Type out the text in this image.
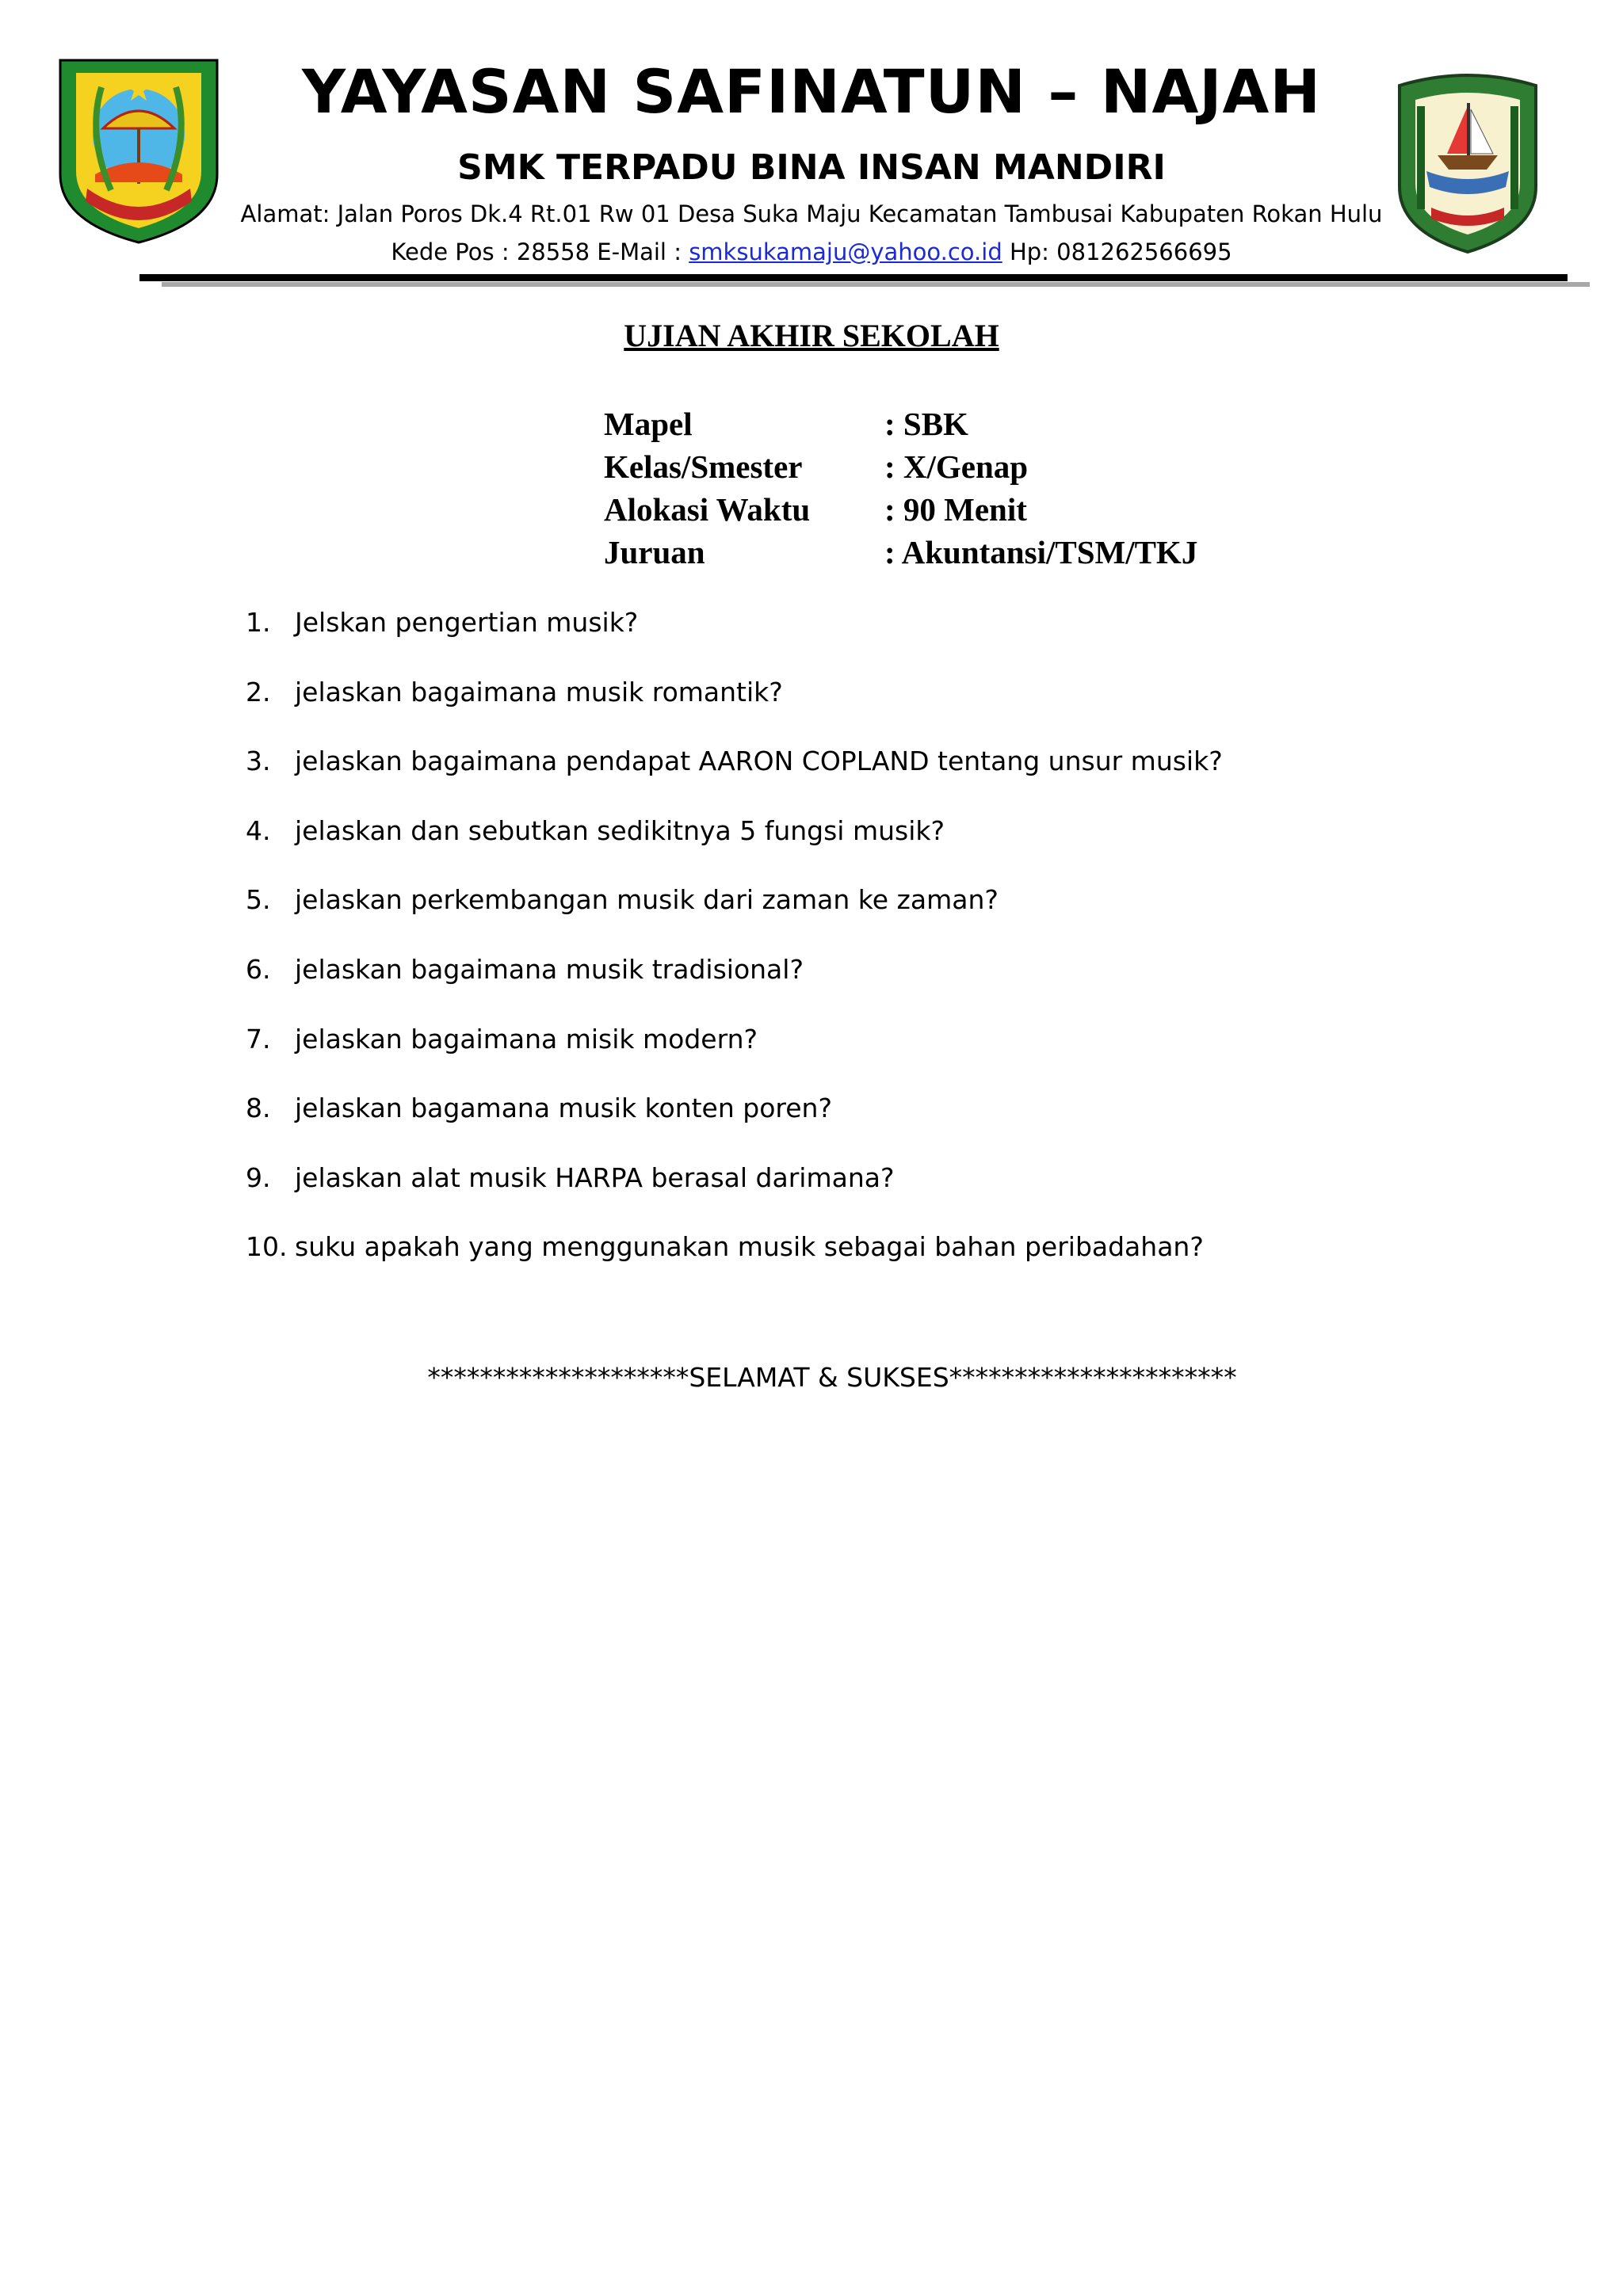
YAYASAN SAFINATUN – NAJAH
SMK TERPADU BINA INSAN MANDIRI
Alamat: Jalan Poros Dk.4 Rt.01 Rw 01 Desa Suka Maju Kecamatan Tambusai Kabupaten Rokan Hulu
Kede Pos : 28558 E-Mail : smksukamaju@yahoo.co.id Hp: 081262566695
UJIAN AKHIR SEKOLAH
Mapel	: SBK
Kelas/Smester	: X/Genap
Alokasi Waktu	: 90 Menit
Juruan	: Akuntansi/TSM/TKJ
1. Jelskan pengertian musik?
2. jelaskan bagaimana musik romantik?
3. jelaskan bagaimana pendapat AARON COPLAND tentang unsur musik?
4. jelaskan dan sebutkan sedikitnya 5 fungsi musik?
5. jelaskan perkembangan musik dari zaman ke zaman?
6. jelaskan bagaimana musik tradisional?
7. jelaskan bagaimana misik modern?
8. jelaskan bagamana musik konten poren?
9. jelaskan alat musik HARPA berasal darimana?
10. suku apakah yang menggunakan musik sebagai bahan peribadahan?
********************SELAMAT & SUKSES**********************
